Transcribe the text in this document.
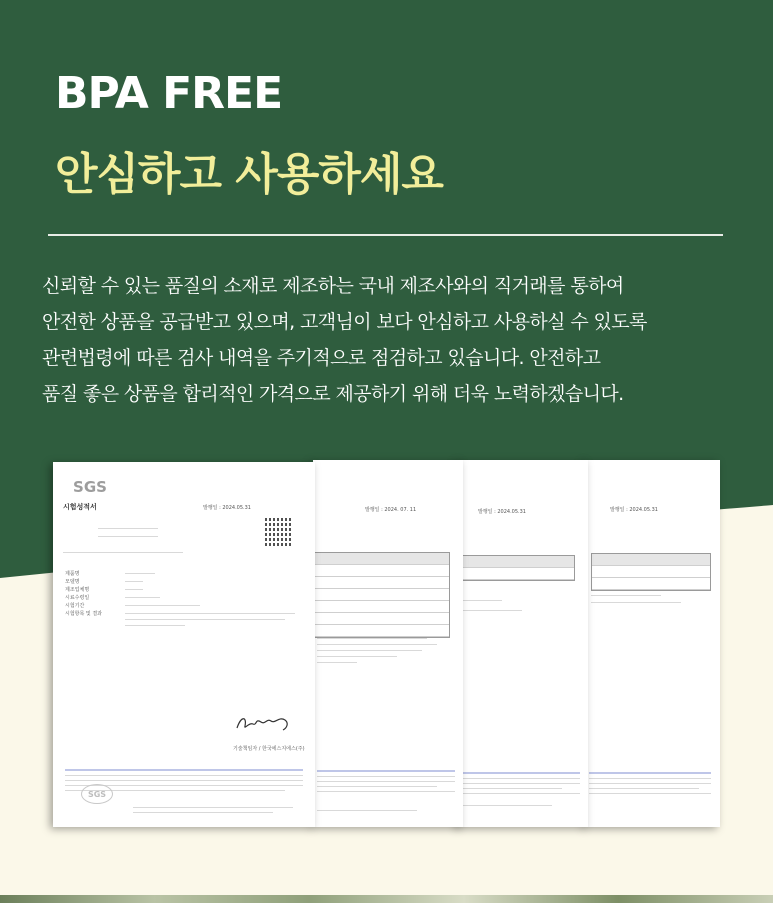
BPA FREE
안심하고 사용하세요

신뢰할 수 있는 품질의 소재로 제조하는 국내 제조사와의 직거래를 통하여
안전한 상품을 공급받고 있으며, 고객님이 보다 안심하고 사용하실 수 있도록
관련법령에 따른 검사 내역을 주기적으로 점검하고 있습니다. 안전하고
품질 좋은 상품을 합리적인 가격으로 제공하기 위해 더욱 노력하겠습니다.

발행일 : 2024.05.31
발행일 : 2024.05.31
발행일 : 2024. 07. 11
SGS
시험성적서	발행일 : 2024.05.31
제품명
모델명
제조업체명
시료수령일
시험기간
시험항목 및 결과
기술책임자 / 한국에스지에스(주)
SGS
